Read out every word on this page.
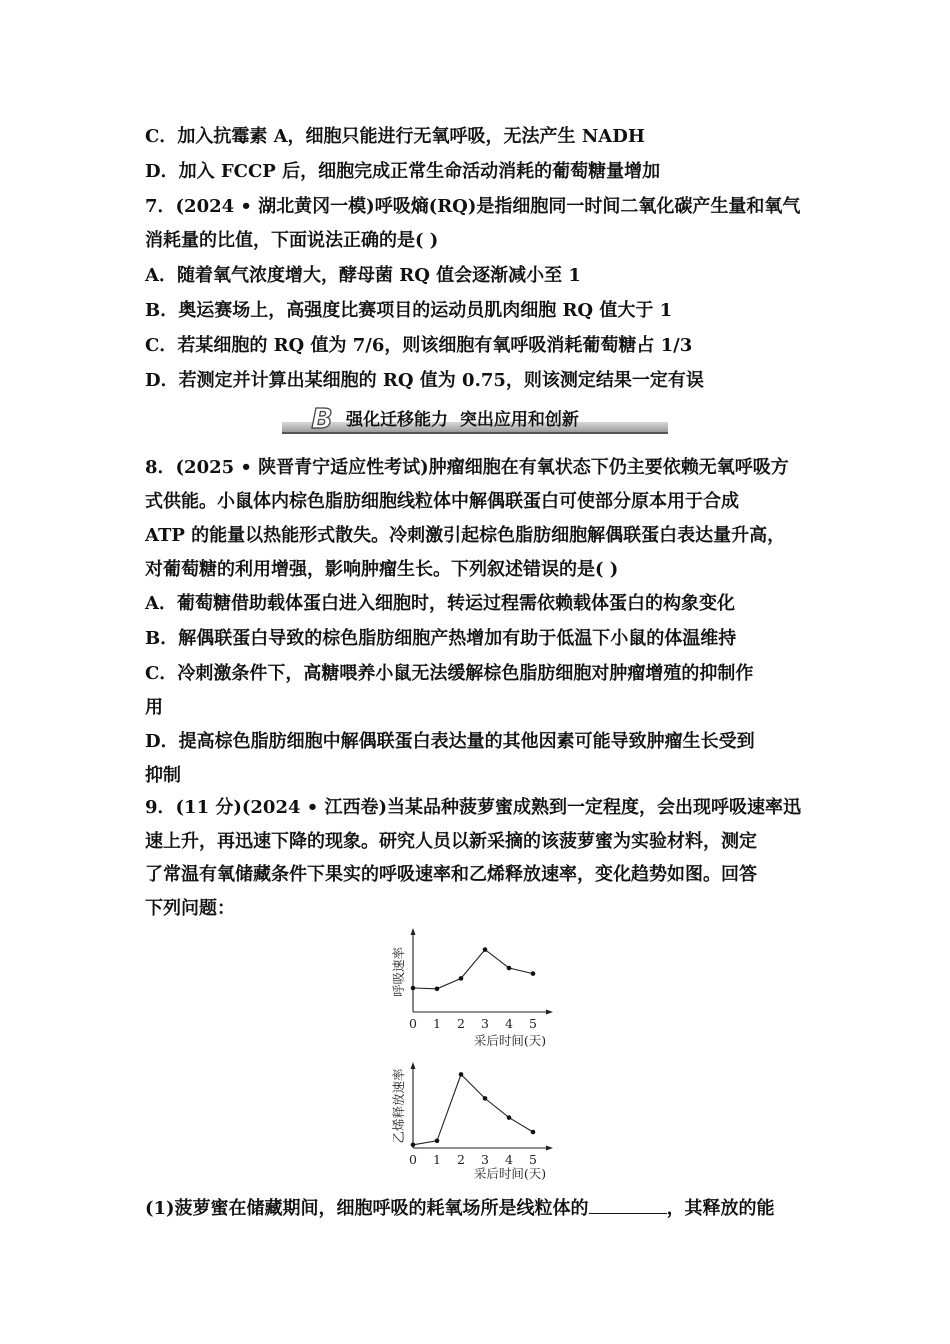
C．加入抗霉素 A，细胞只能进行无氧呼吸，无法产生 NADH
D．加入 FCCP 后，细胞完成正常生命活动消耗的葡萄糖量增加
7．(2024 • 湖北黄冈一模)呼吸熵(RQ)是指细胞同一时间二氧化碳产生量和氧气
消耗量的比值，下面说法正确的是( )
A．随着氧气浓度增大，酵母菌 RQ 值会逐渐减小至 1
B．奥运赛场上，高强度比赛项目的运动员肌肉细胞 RQ 值大于 1
C．若某细胞的 RQ 值为 7/6，则该细胞有氧呼吸消耗葡萄糖占 1/3
D．若测定并计算出某细胞的 RQ 值为 0.75，则该测定结果一定有误
B 强化迁移能力  突出应用和创新
8．(2025 • 陕晋青宁适应性考试)肿瘤细胞在有氧状态下仍主要依赖无氧呼吸方
式供能。小鼠体内棕色脂肪细胞线粒体中解偶联蛋白可使部分原本用于合成
ATP 的能量以热能形式散失。冷刺激引起棕色脂肪细胞解偶联蛋白表达量升高，
对葡萄糖的利用增强，影响肿瘤生长。下列叙述错误的是( )
A．葡萄糖借助载体蛋白进入细胞时，转运过程需依赖载体蛋白的构象变化
B．解偶联蛋白导致的棕色脂肪细胞产热增加有助于低温下小鼠的体温维持
C．冷刺激条件下，高糖喂养小鼠无法缓解棕色脂肪细胞对肿瘤增殖的抑制作
用
D．提高棕色脂肪细胞中解偶联蛋白表达量的其他因素可能导致肿瘤生长受到
抑制
9．(11 分)(2024 • 江西卷)当某品种菠萝蜜成熟到一定程度，会出现呼吸速率迅
速上升，再迅速下降的现象。研究人员以新采摘的该菠萝蜜为实验材料，测定
了常温有氧储藏条件下果实的呼吸速率和乙烯释放速率，变化趋势如图。回答
下列问题：
呼吸速率
0 1 2 3 4 5
采后时间(天)
乙烯释放速率
0 1 2 3 4 5
采后时间(天)
(1)菠萝蜜在储藏期间，细胞呼吸的耗氧场所是线粒体的	，其释放的能
